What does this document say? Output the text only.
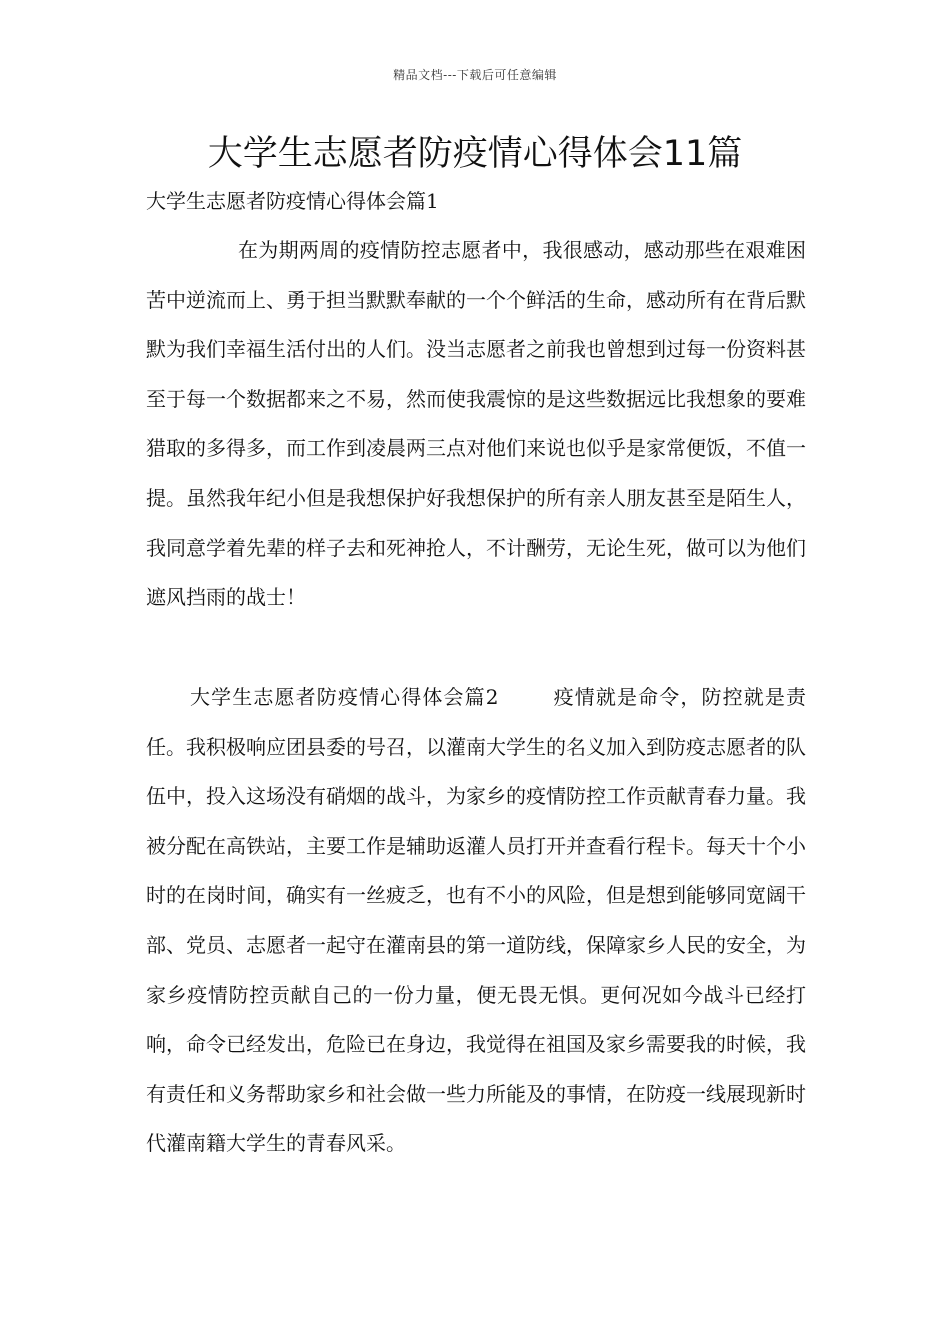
精品文档---下载后可任意编辑
大学生志愿者防疫情心得体会11篇
大学生志愿者防疫情心得体会篇1

在为期两周的疫情防控志愿者中，我很感动，感动那些在艰难困苦中逆流而上、勇于担当默默奉献的一个个鲜活的生命，感动所有在背后默默为我们幸福生活付出的人们。没当志愿者之前我也曾想到过每一份资料甚至于每一个数据都来之不易，然而使我震惊的是这些数据远比我想象的要难猎取的多得多，而工作到凌晨两三点对他们来说也似乎是家常便饭，不值一提。虽然我年纪小但是我想保护好我想保护的所有亲人朋友甚至是陌生人，我同意学着先辈的样子去和死神抢人，不计酬劳，无论生死，做可以为他们遮风挡雨的战士！

大学生志愿者防疫情心得体会篇2	疫情就是命令，防控就是责任。我积极响应团县委的号召，以灌南大学生的名义加入到防疫志愿者的队伍中，投入这场没有硝烟的战斗，为家乡的疫情防控工作贡献青春力量。我被分配在高铁站，主要工作是辅助返灌人员打开并查看行程卡。每天十个小时的在岗时间，确实有一丝疲乏，也有不小的风险，但是想到能够同宽阔干部、党员、志愿者一起守在灌南县的第一道防线，保障家乡人民的安全，为家乡疫情防控贡献自己的一份力量，便无畏无惧。更何况如今战斗已经打响，命令已经发出，危险已在身边，我觉得在祖国及家乡需要我的时候，我有责任和义务帮助家乡和社会做一些力所能及的事情，在防疫一线展现新时代灌南籍大学生的青春风采。
